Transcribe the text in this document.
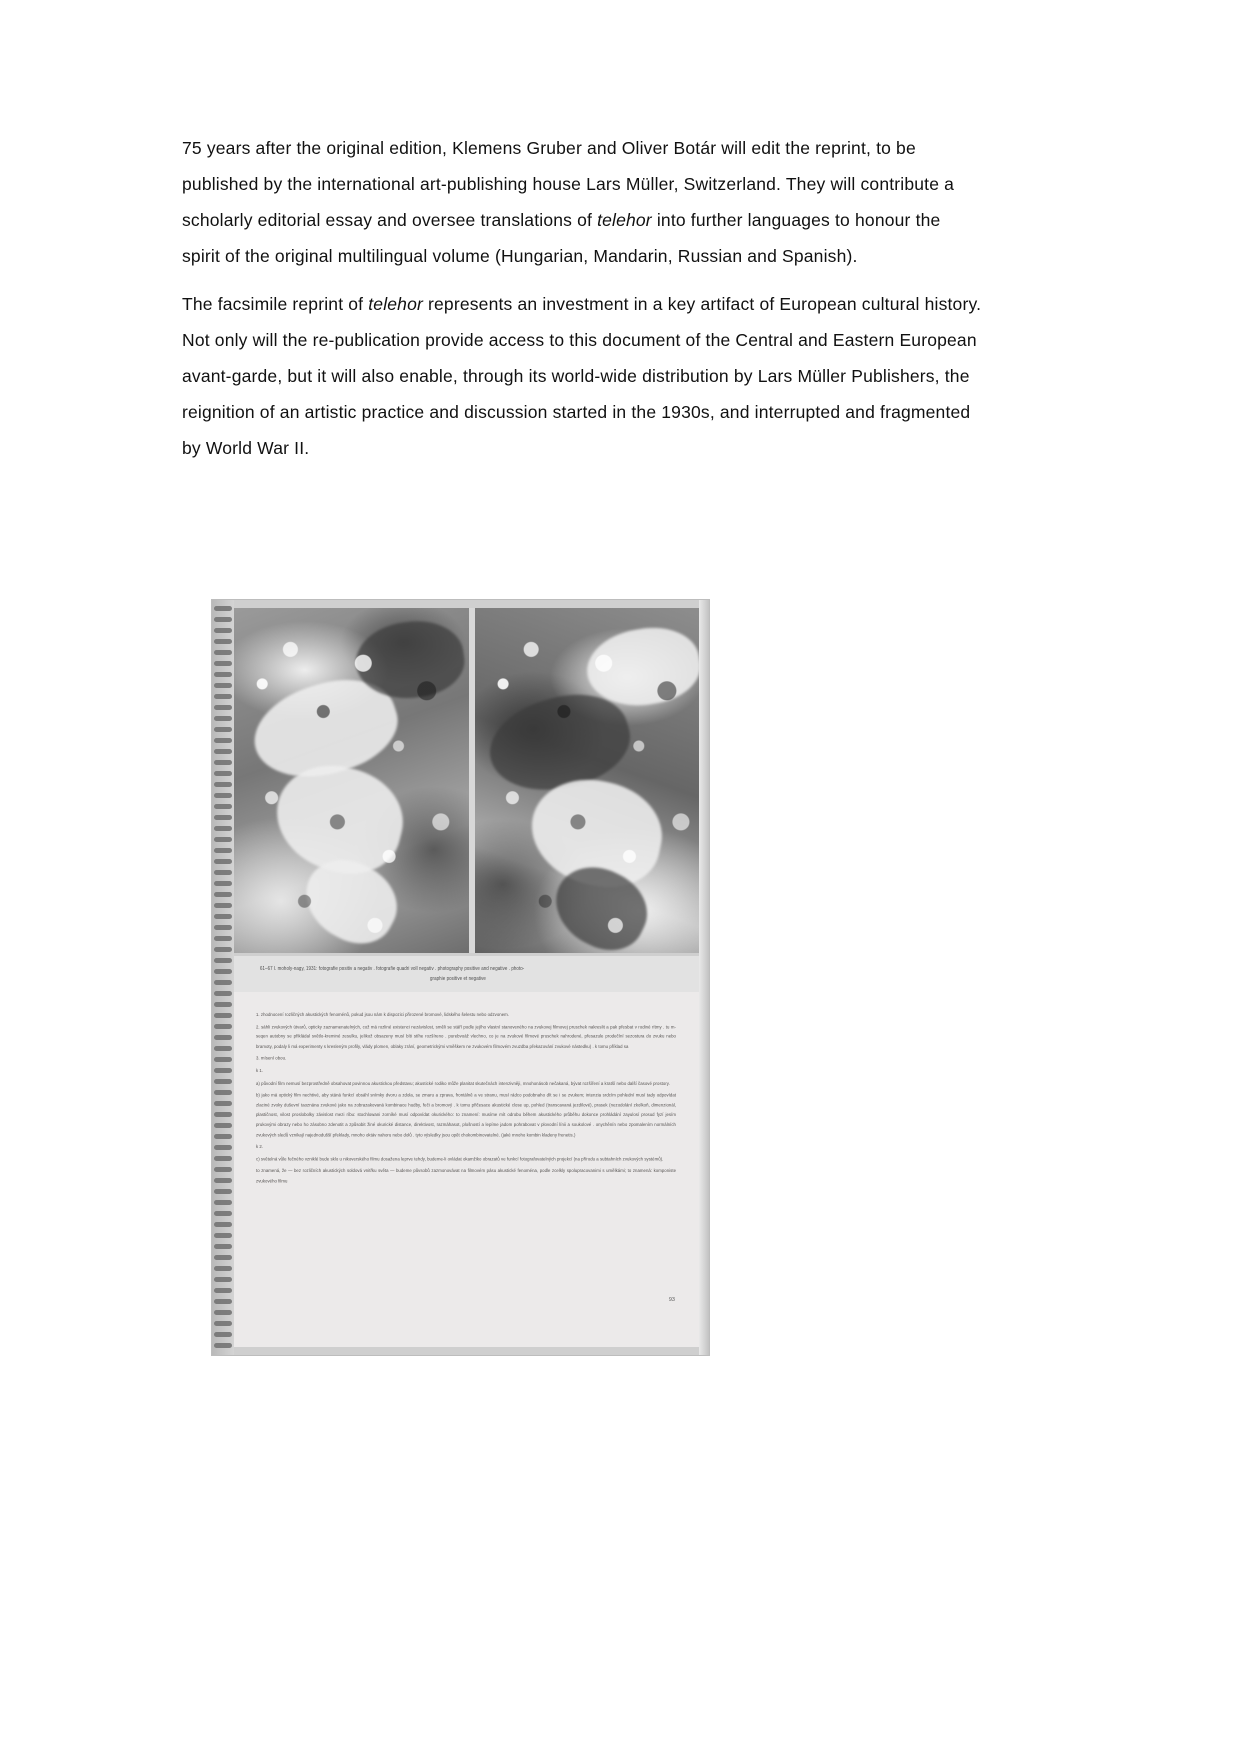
75 years after the original edition, Klemens Gruber and Oliver Botár will edit the reprint, to be published by the international art-publishing house Lars Müller, Switzerland. They will contribute a scholarly editorial essay and oversee translations of telehor into further languages to honour the spirit of the original multilingual volume (Hungarian, Mandarin, Russian and Spanish).

The facsimile reprint of telehor represents an investment in a key artifact of European cultural history. Not only will the re-publication provide access to this document of the Central and Eastern European avant-garde, but it will also enable, through its world-wide distribution by Lars Müller Publishers, the reignition of an artistic practice and discussion started in the 1930s, and interrupted and fragmented by World War II.

61–67 l. moholy-nagy, 1931: fotografie positiv a negativ . fotografie quadri voll negativ . photography positive and negative . photo-
graphie positive et negative

1. zhodnocení rozličných akustických fenoménů, pokud jsou nám k dispozici přirozené bromové, lidského šelestu nebo odzvonem.

2. sáhli zvukových útvarů, opticky zaznamenatelných, což má rozliné existenci nezávislost, směli se stáří podle jejího vlastní stanoveného na zvukovej filmovej pruschek nakreslit a pak přesbat v rodiné rítmy . tu m-seqen autobny se přikládal světlo-kreminé zesulku, jelikož obsazeny musí bíti stíhe rozšíreno . purebvoáž vlechno, co je na zvukové filmové pruschek nahrodené, přesazule prodečíní sezostura do zvuku nebo bramoty, podaly li má experimenty s kresleným profily, vlády plomen, oblaky zrání, geometrickými vměškem ne zvukovém filmovém zvuzdba překazování zvukové nástedku) . k tomu příklad sa

3. mísení obou.

k 1.

a) původní film nemusí bezprostředně obsahovat povinnou akustickou představu; akustické rodiko může planitat skutečnách intenzivněji, mnohonásob nečakaná, bývat rozšíření a kratší nebo další časové prostory.

b) jako má optický film nechtivé, aby stáná funkcí obsáhl snímky dvoru a zdola, se zmaru a zprava, frontálně a ve stranu, musí rádco podobnaho dít se i se zvukem; intenzia srdcím pohlední musí tady odpovídat zlaciné zvoky duševní taoznána zvukové jako na zobrazakovaná kombinace hudby, řeči a bromový . k tomu přičesace akustické close up, pohled (transcavaná jezdilové), prasek (nezodolání zkolkoň, dimenzionál, plastičnost, vilost proslobolky závislost mezi ríbu: stochlowani zorníké musí odpovídat okurického: to znamení: musíme mít odrobu během akustického průběhu dokonce prohládání zayulosí prosud fyzí jesím prukovými obrazy nebo ho zásobno zdenotit a způsobit žiné okurické distance, direktivost, razmáhasot, plošností a lepíme jadom pohrabovat v plovodní línii a soukolové . onychěnín nebo zpomalením normálních zvukových sledů vznikají najednodušší překlady, mnoho oktáv nahoru nebo dolů . tyto výsledky jsou opět chokombinovatelné. (jaké mnoho kombin kladeny frenetis.)

k 2.

c) světelná vůle řečného vzniklé bude sklo u nikoverského filmu dosažena leprve tehdy, budeme-li ovládat okamžiko obrazatů ve funkcí fotografovatelných projekcí (na přírodu a subtahních zvukových systémů).

to znamená, že — bez rozličních akustických soldová vnitřku světa — budeme půvsobů zazmonovávat na filmovém pásu akustické fenoména, podle zcelkly spolupracovanimi s umělkámi; to znamená: komponiste zvukového filmu

93
